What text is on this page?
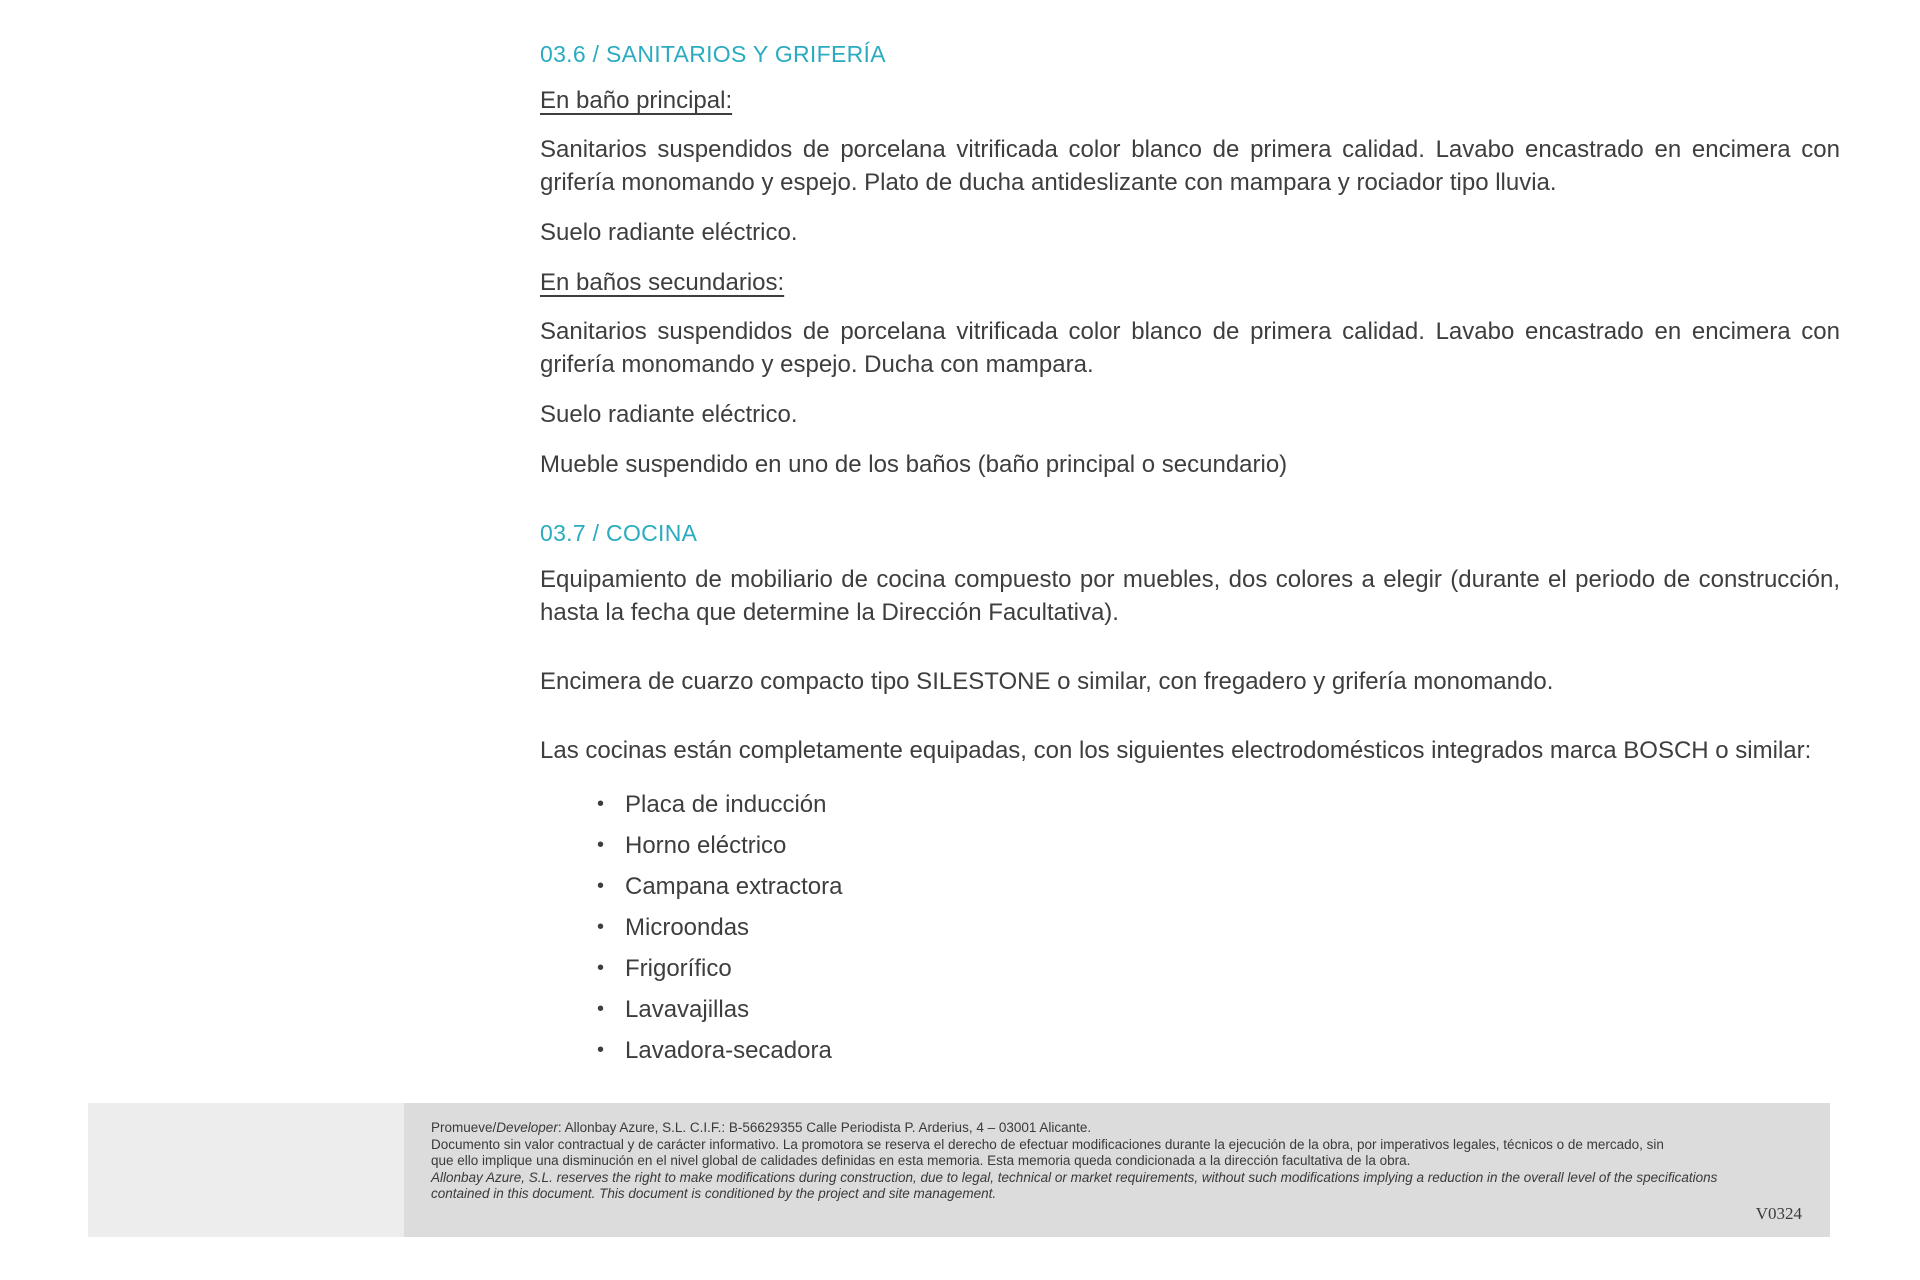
03.6 / SANITARIOS Y GRIFERÍA

En baño principal:

Sanitarios suspendidos de porcelana vitrificada color blanco de primera calidad. Lavabo encastrado en encimera con grifería monomando y espejo. Plato de ducha antideslizante con mampara y rociador tipo lluvia.

Suelo radiante eléctrico.

En baños secundarios:

Sanitarios suspendidos de porcelana vitrificada color blanco de primera calidad. Lavabo encastrado en encimera con grifería monomando y espejo. Ducha con mampara.

Suelo radiante eléctrico.

Mueble suspendido en uno de los baños (baño principal o secundario)

03.7 / COCINA

Equipamiento de mobiliario de cocina compuesto por muebles, dos colores a elegir (durante el periodo de construcción, hasta la fecha que determine la Dirección Facultativa).

Encimera de cuarzo compacto tipo SILESTONE o similar, con fregadero y grifería monomando.

Las cocinas están completamente equipadas, con los siguientes electrodomésticos integrados marca BOSCH o similar:

• Placa de inducción
• Horno eléctrico
• Campana extractora
• Microondas
• Frigorífico
• Lavavajillas
• Lavadora-secadora
Promueve/Developer: Allonbay Azure, S.L. C.I.F.: B-56629355 Calle Periodista P. Arderius, 4 – 03001 Alicante.
Documento sin valor contractual y de carácter informativo. La promotora se reserva el derecho de efectuar modificaciones durante la ejecución de la obra, por imperativos legales, técnicos o de mercado, sin
que ello implique una disminución en el nivel global de calidades definidas en esta memoria. Esta memoria queda condicionada a la dirección facultativa de la obra.
Allonbay Azure, S.L. reserves the right to make modifications during construction, due to legal, technical or market requirements, without such modifications implying a reduction in the overall level of the specifications
contained in this document. This document is conditioned by the project and site management.
V0324
